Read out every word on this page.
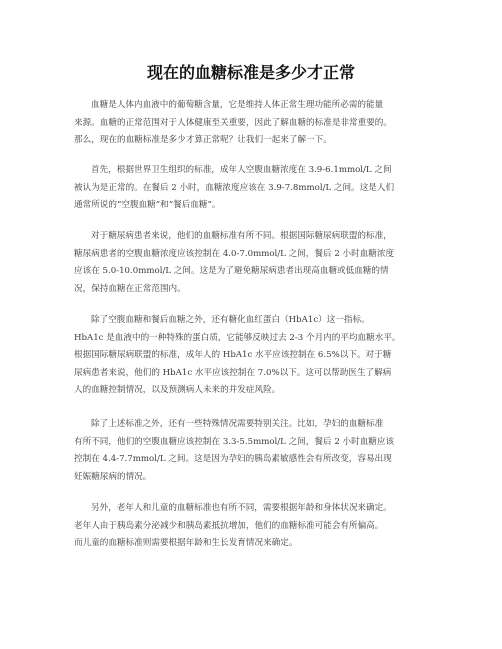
现在的血糖标准是多少才正常
血糖是人体内血液中的葡萄糖含量，它是维持人体正常生理功能所必需的能量
来源。血糖的正常范围对于人体健康至关重要，因此了解血糖的标准是非常重要的。
那么，现在的血糖标准是多少才算正常呢？让我们一起来了解一下。
首先，根据世界卫生组织的标准，成年人空腹血糖浓度在 3.9-6.1mmol/L 之间
被认为是正常的。在餐后 2 小时，血糖浓度应该在 3.9-7.8mmol/L 之间。这是人们
通常所说的“空腹血糖”和“餐后血糖”。
对于糖尿病患者来说，他们的血糖标准有所不同。根据国际糖尿病联盟的标准，
糖尿病患者的空腹血糖浓度应该控制在 4.0-7.0mmol/L 之间，餐后 2 小时血糖浓度
应该在 5.0-10.0mmol/L 之间。这是为了避免糖尿病患者出现高血糖或低血糖的情
况，保持血糖在正常范围内。
除了空腹血糖和餐后血糖之外，还有糖化血红蛋白（HbA1c）这一指标。
HbA1c 是血液中的一种特殊的蛋白质，它能够反映过去 2-3 个月内的平均血糖水平。
根据国际糖尿病联盟的标准，成年人的 HbA1c 水平应该控制在 6.5%以下。对于糖
尿病患者来说，他们的 HbA1c 水平应该控制在 7.0%以下。这可以帮助医生了解病
人的血糖控制情况，以及预测病人未来的并发症风险。
除了上述标准之外，还有一些特殊情况需要特别关注。比如，孕妇的血糖标准
有所不同，他们的空腹血糖应该控制在 3.3-5.5mmol/L 之间，餐后 2 小时血糖应该
控制在 4.4-7.7mmol/L 之间。这是因为孕妇的胰岛素敏感性会有所改变，容易出现
妊娠糖尿病的情况。
另外，老年人和儿童的血糖标准也有所不同，需要根据年龄和身体状况来确定。
老年人由于胰岛素分泌减少和胰岛素抵抗增加，他们的血糖标准可能会有所偏高。
而儿童的血糖标准则需要根据年龄和生长发育情况来确定。
